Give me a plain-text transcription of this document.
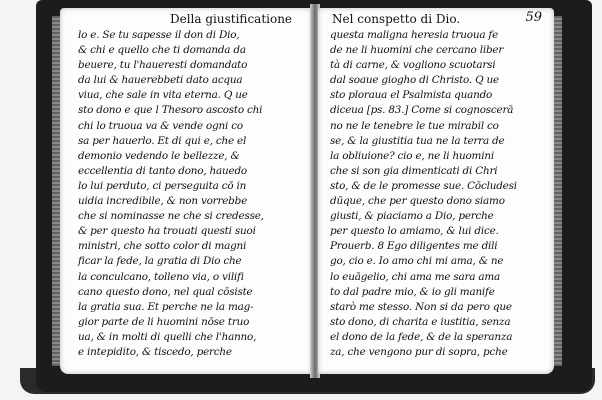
Della giustificatione
lo e. Se tu sapesse il don di Dio,
& chi e quello che ti domanda da
beuere, tu l'haueresti domandato
da lui & hauerebbeti dato acqua
viua, che sale in vita eterna. Q ue
sto dono e que l Thesoro ascosto chi
chi lo truoua va & vende ogni co
sa per hauerlo. Et di qui e, che el
demonio vedendo le bellezze, &
eccellentia di tanto dono, hauedo
lo lui perduto, ci perseguita cō in
uidia incredibile, & non vorrebbe
che si nominasse ne che si credesse,
& per questo ha trouati questi suoi
ministri, che sotto color di magni
ficar la fede, la gratia di Dio che
la conculcano, tolleno via, o vilifi
cano questo dono, nel qual cōsiste
la gratia sua. Et perche ne la mag-
gior parte de li huomini nōse truo
ua, & in molti di quelli che l'hanno,
e intepidito, & tiscedo, perche
Nel conspetto di Dio.	59
questa maligna heresia truoua fe
de ne li huomini che cercano liber
tà di carne, & vogliono scuotarsi
dal soaue giogho di Christo. Q ue
sto ploraua el Psalmista quando
diceua [ps. 83.] Come si cognoscerā
no ne le tenebre le tue mirabil co
se, & la giustitia tua ne la terra de
la obliuione? cio e, ne li huomini
che si son gia dimenticati di Chri
sto, & de le promesse sue. Cōcludesi
dūque, che per questo dono siamo
giusti, & piaciamo a Dio, perche
per questo lo amiamo, & lui dice.
Prouerb. 8 Ego diligentes me dili
go, cio e. Io amo chi mi ama, & ne
lo euāgelio, chi ama me sara ama
to dal padre mio, & io gli manife
starò me stesso. Non si da pero que
sto dono, di charita e iustitia, senza
el dono de la fede, & de la speranza
za, che vengono pur di sopra, pche
